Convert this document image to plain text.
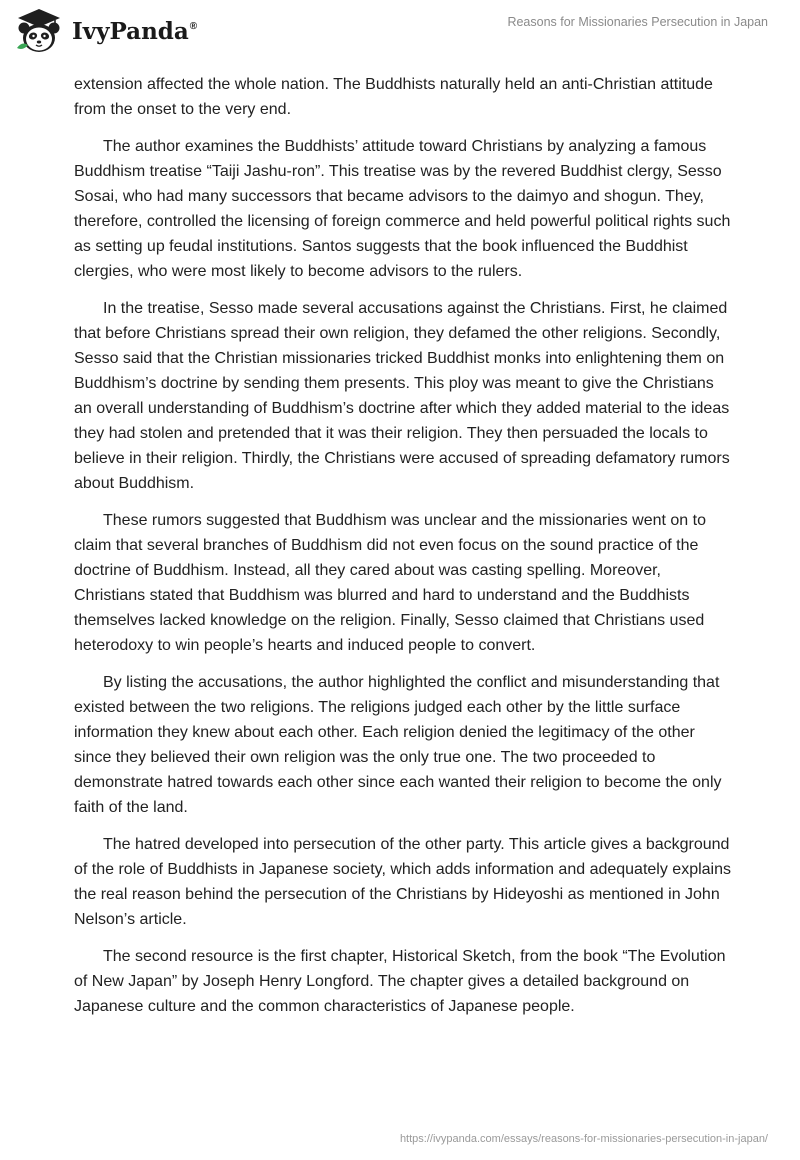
IvyPanda®	Reasons for Missionaries Persecution in Japan

extension affected the whole nation. The Buddhists naturally held an anti-Christian attitude from the onset to the very end.

The author examines the Buddhists’ attitude toward Christians by analyzing a famous Buddhism treatise “Taiji Jashu-ron”. This treatise was by the revered Buddhist clergy, Sesso Sosai, who had many successors that became advisors to the daimyo and shogun. They, therefore, controlled the licensing of foreign commerce and held powerful political rights such as setting up feudal institutions. Santos suggests that the book influenced the Buddhist clergies, who were most likely to become advisors to the rulers.

In the treatise, Sesso made several accusations against the Christians. First, he claimed that before Christians spread their own religion, they defamed the other religions. Secondly, Sesso said that the Christian missionaries tricked Buddhist monks into enlightening them on Buddhism’s doctrine by sending them presents. This ploy was meant to give the Christians an overall understanding of Buddhism’s doctrine after which they added material to the ideas they had stolen and pretended that it was their religion. They then persuaded the locals to believe in their religion. Thirdly, the Christians were accused of spreading defamatory rumors about Buddhism.

These rumors suggested that Buddhism was unclear and the missionaries went on to claim that several branches of Buddhism did not even focus on the sound practice of the doctrine of Buddhism. Instead, all they cared about was casting spelling. Moreover, Christians stated that Buddhism was blurred and hard to understand and the Buddhists themselves lacked knowledge on the religion. Finally, Sesso claimed that Christians used heterodoxy to win people’s hearts and induced people to convert.

By listing the accusations, the author highlighted the conflict and misunderstanding that existed between the two religions. The religions judged each other by the little surface information they knew about each other. Each religion denied the legitimacy of the other since they believed their own religion was the only true one. The two proceeded to demonstrate hatred towards each other since each wanted their religion to become the only faith of the land.

The hatred developed into persecution of the other party. This article gives a background of the role of Buddhists in Japanese society, which adds information and adequately explains the real reason behind the persecution of the Christians by Hideyoshi as mentioned in John Nelson’s article.

The second resource is the first chapter, Historical Sketch, from the book “The Evolution of New Japan” by Joseph Henry Longford. The chapter gives a detailed background on Japanese culture and the common characteristics of Japanese people.

https://ivypanda.com/essays/reasons-for-missionaries-persecution-in-japan/
